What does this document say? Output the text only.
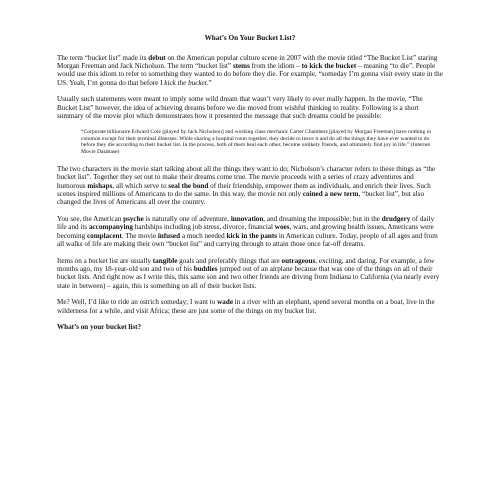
What’s On Your Bucket List?

The term “bucket list” made its debut on the American popular culture scene in 2007 with the movie titled “The Bucket List” staring Morgan Freeman and Jack Nicholson. The term “bucket list” stems from the idiom – to kick the bucket – meaning “to die”. People would use this idiom to refer to something they wanted to do before they die. For example, “someday I’m gonna visit every state in the US. Yeah, I’m gonna do that before I kick the bucket.”

Usually such statements were meant to imply some wild dream that wasn’t very likely to ever really happen. In the movie, “The Bucket List” however, the idea of achieving dreams before we die moved from wishful thinking to reality. Following is a short summary of the movie plot which demonstrates how it presented the message that such dreams could be possible:

“Corporate billionaire Edward Cole [played by Jack Nicholson] and working class mechanic Carter Chambers [played by Morgan Freeman] have nothing in common except for their terminal illnesses. While sharing a hospital room together, they decide to leave it and do all the things they have ever wanted to do before they die according to their bucket list. In the process, both of them heal each other, become unlikely friends, and ultimately find joy in life.” (Internet Movie Database)

The two characters in the movie start talking about all the things they want to do; Nicholson’s character refers to these things as “the bucket list”. Together they set out to make their dreams come true. The movie proceeds with a series of crazy adventures and humorous mishaps, all which serve to seal the bond of their friendship, empower them as individuals, and enrich their lives. Such scenes inspired millions of Americans to do the same. In this way, the movie not only coined a new term, “bucket list”, but also changed the lives of Americans all over the country.

You see, the American psyche is naturally one of adventure, innovation, and dreaming the impossible; but in the drudgery of daily life and its accompanying hardships including job stress, divorce, financial woes, wars, and growing health issues, Americans were becoming complacent. The movie infused a much needed kick in the pants in American culture. Today, people of all ages and from all walks of life are making their own “bucket list” and carrying through to attain those once far-off dreams.

Items on a bucket list are usually tangible goals and preferably things that are outrageous, exciting, and daring. For example, a few months ago, my 18-year-old son and two of his buddies jumped out of an airplane because that was one of the things on all of their bucket lists. And right now as I write this, this same son and two other friends are driving from Indiana to California (via nearly every state in between) – again, this is something on all of their bucket lists.

Me? Well, I’d like to ride an ostrich someday; I want to wade in a river with an elephant, spend several months on a boat, live in the wilderness for a while, and visit Africa; these are just some of the things on my bucket list.

What’s on your bucket list?
